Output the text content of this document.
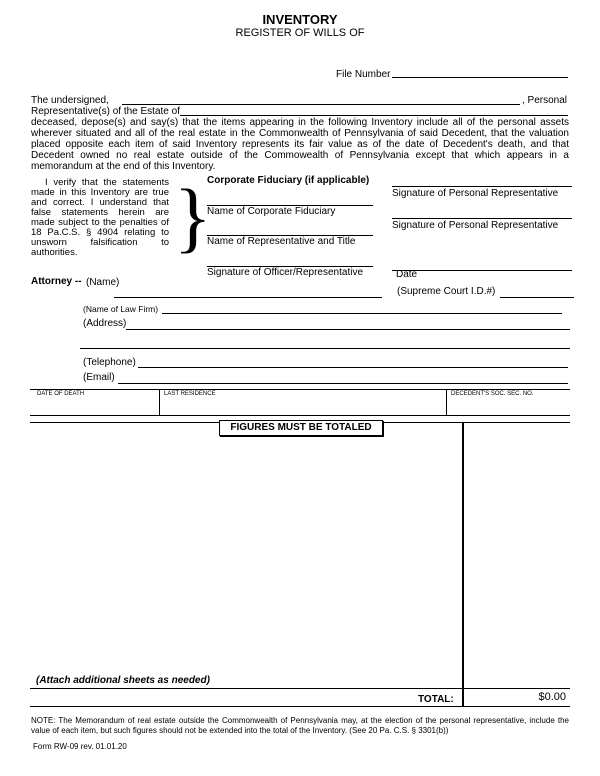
INVENTORY
REGISTER OF WILLS OF
File Number
The undersigned,	, Personal
Representative(s) of the Estate of
deceased, depose(s) and say(s) that the items appearing in the following Inventory include all of the personal assets wherever situated and all of the real estate in the Commonwealth of Pennsylvania of said Decedent, that the valuation placed opposite each item of said Inventory represents its fair value as of the date of Decedent's death, and that Decedent owned no real estate outside of the Commowealth of Pennsylvania except that which appears in a memorandum at the end of this Inventory.
I verify that the statements made in this Inventory are true and correct. I understand that false statements herein are made subject to the penalties of 18 Pa.C.S. § 4904 relating to unsworn falsification to authorities.	}
Corporate Fiduciary (if applicable)
Name of Corporate Fiduciary
Name of Representative and Title
Signature of Officer/Representative
Signature of Personal Representative
Signature of Personal Representative
Date
(Supreme Court I.D.#)
Attorney -- (Name)
(Name of Law Firm)
(Address)
(Telephone)
(Email)
DATE OF DEATH	LAST RESIDENCE	DECEDENT'S SOC. SEC. NO.
FIGURES MUST BE TOTALED
(Attach additional sheets as needed)
TOTAL:	$0.00
NOTE: The Memorandum of real estate outside the Commonwealth of Pennsylvania may, at the election of the personal representative, include the value of each item, but such figures should not be extended into the total of the Inventory. (See 20 Pa. C.S. § 3301(b))
Form RW-09 rev. 01.01.20
